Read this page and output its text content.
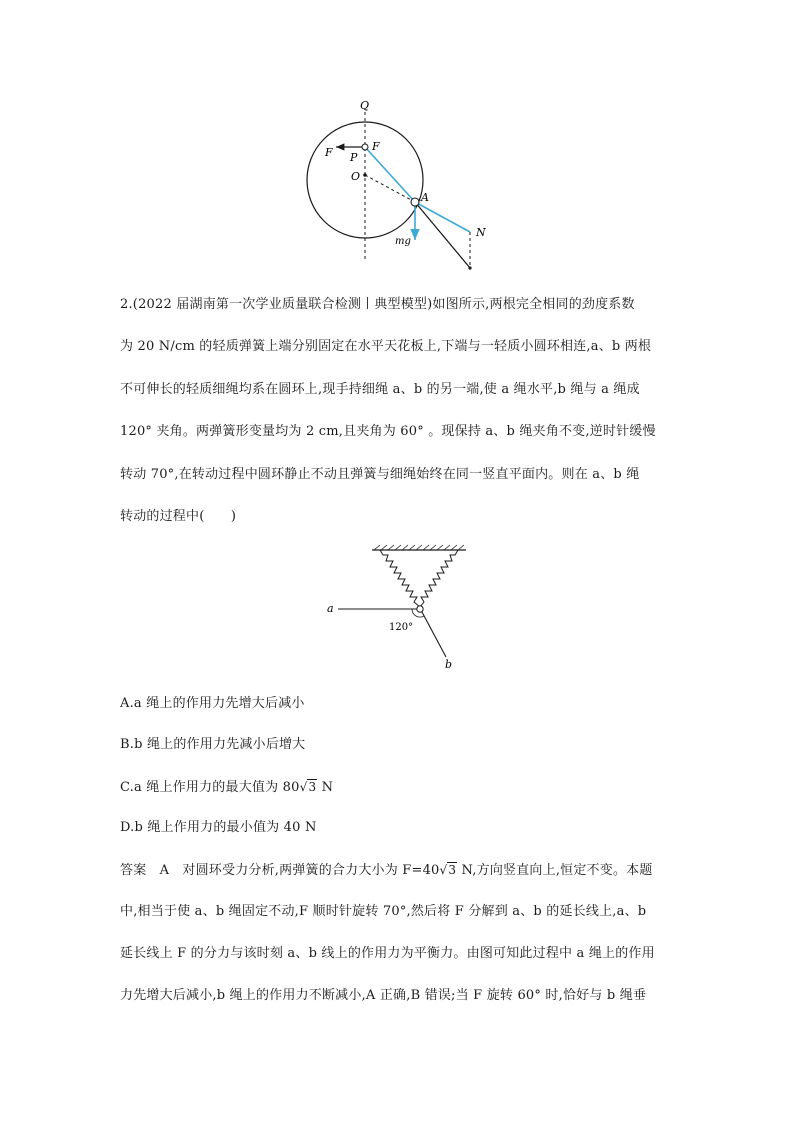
Q
F P
F
O
A
N
mg
2.(2022 届湖南第一次学业质量联合检测丨典型模型)如图所示,两根完全相同的劲度系数
为 20 N/cm 的轻质弹簧上端分别固定在水平天花板上,下端与一轻质小圆环相连,a、b 两根
不可伸长的轻质细绳均系在圆环上,现手持细绳 a、b 的另一端,使 a 绳水平,b 绳与 a 绳成
120° 夹角。两弹簧形变量均为 2 cm,且夹角为 60° 。现保持 a、b 绳夹角不变,逆时针缓慢
转动 70°,在转动过程中圆环静止不动且弹簧与细绳始终在同一竖直平面内。则在 a、b 绳
转动的过程中(　　)
a
120°
b
A.a 绳上的作用力先增大后减小
B.b 绳上的作用力先减小后增大
C.a 绳上作用力的最大值为 80√3 N
D.b 绳上作用力的最小值为 40 N
答案　A　对圆环受力分析,两弹簧的合力大小为 F=40√3 N,方向竖直向上,恒定不变。本题
中,相当于使 a、b 绳固定不动,F 顺时针旋转 70°,然后将 F 分解到 a、b 的延长线上,a、b
延长线上 F 的分力与该时刻 a、b 线上的作用力为平衡力。由图可知此过程中 a 绳上的作用
力先增大后减小,b 绳上的作用力不断减小,A 正确,B 错误;当 F 旋转 60° 时,恰好与 b 绳垂
